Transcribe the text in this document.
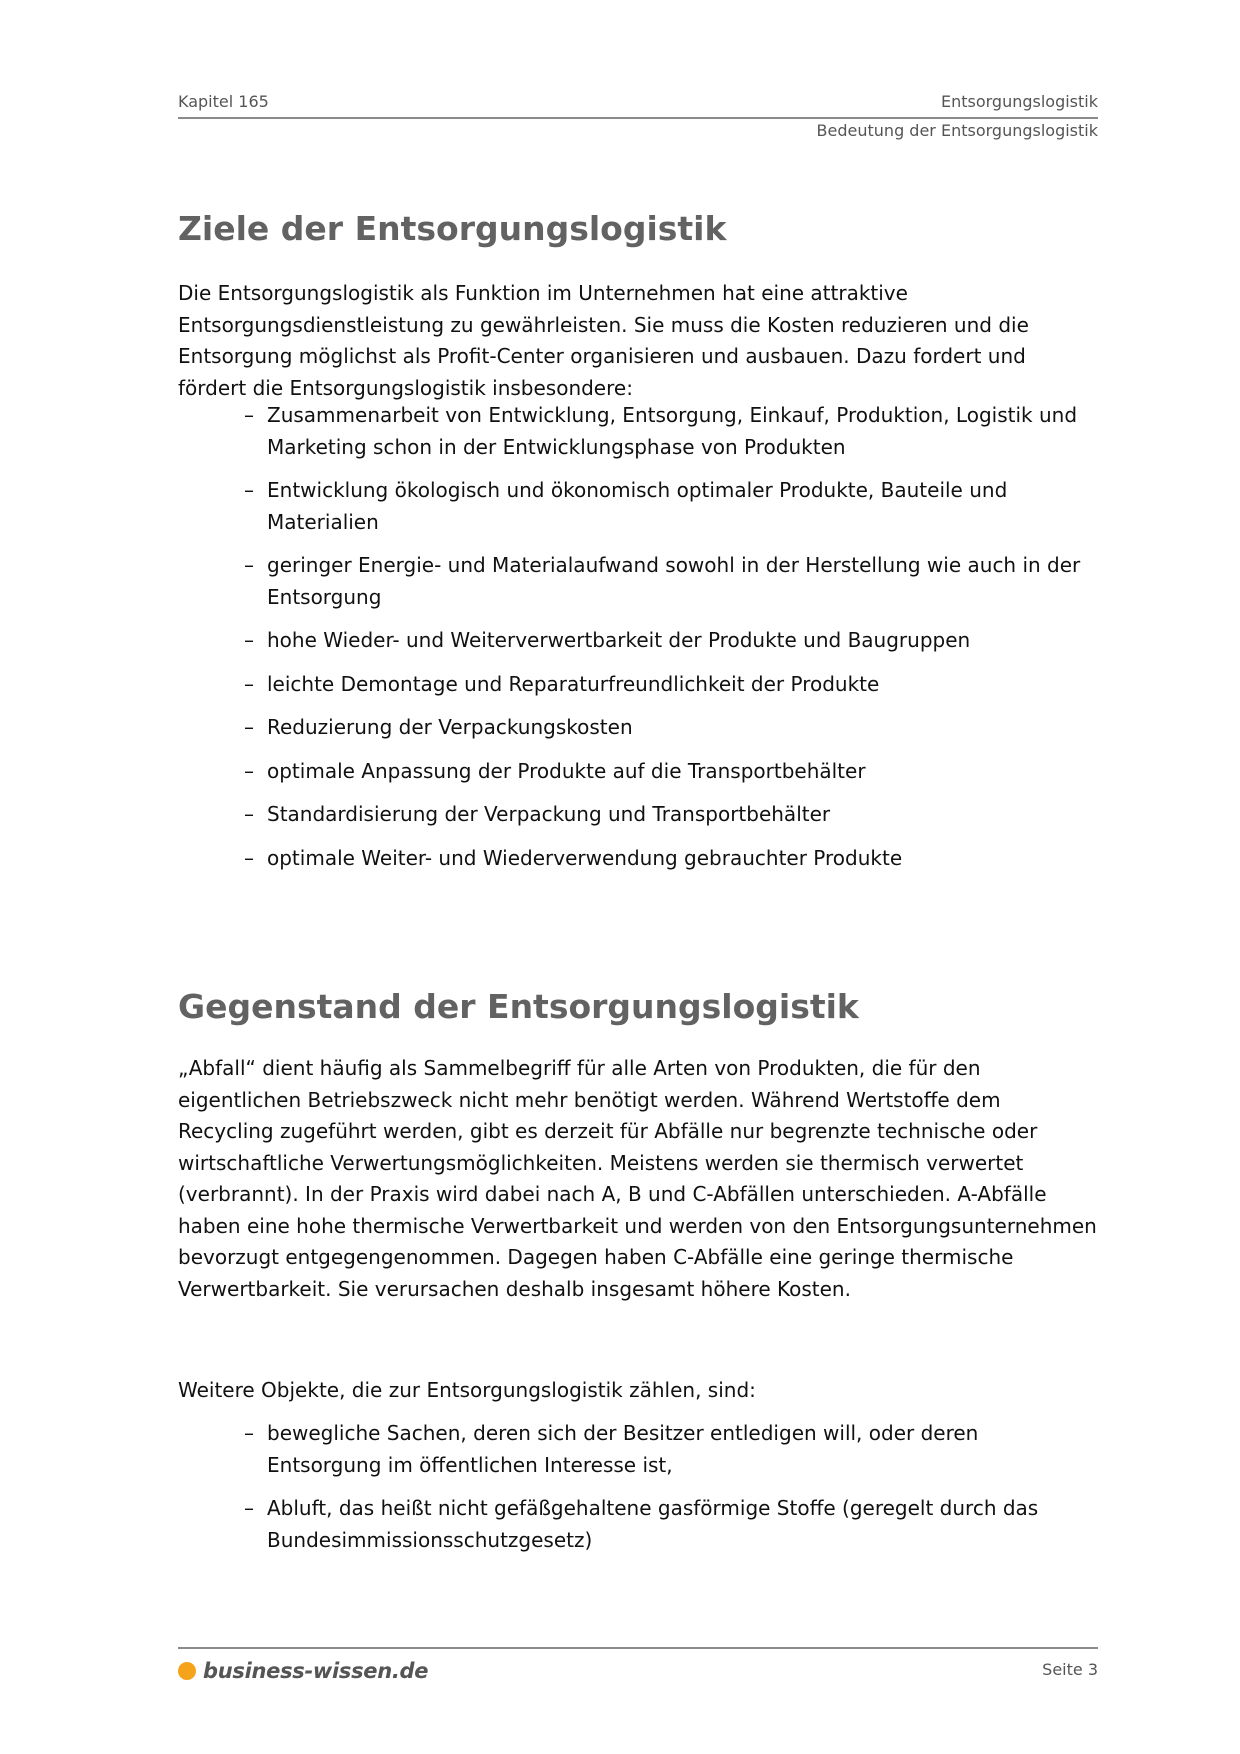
Kapitel 165	Entsorgungslogistik
Bedeutung der Entsorgungslogistik
Ziele der Entsorgungslogistik

Die Entsorgungslogistik als Funktion im Unternehmen hat eine attraktive Entsorgungsdienstleistung zu gewährleisten. Sie muss die Kosten reduzieren und die Entsorgung möglichst als Profit-Center organisieren und ausbauen. Dazu fordert und fördert die Entsorgungslogistik insbesondere:

– Zusammenarbeit von Entwicklung, Entsorgung, Einkauf, Produktion, Logistik und Marketing schon in der Entwicklungsphase von Produkten
– Entwicklung ökologisch und ökonomisch optimaler Produkte, Bauteile und Materialien
– geringer Energie- und Materialaufwand sowohl in der Herstellung wie auch in der Entsorgung
– hohe Wieder- und Weiterverwertbarkeit der Produkte und Baugruppen
– leichte Demontage und Reparaturfreundlichkeit der Produkte
– Reduzierung der Verpackungskosten
– optimale Anpassung der Produkte auf die Transportbehälter
– Standardisierung der Verpackung und Transportbehälter
– optimale Weiter- und Wiederverwendung gebrauchter Produkte
Gegenstand der Entsorgungslogistik

„Abfall“ dient häufig als Sammelbegriff für alle Arten von Produkten, die für den eigentlichen Betriebszweck nicht mehr benötigt werden. Während Wertstoffe dem Recycling zugeführt werden, gibt es derzeit für Abfälle nur begrenzte technische oder wirtschaftliche Verwertungsmöglichkeiten. Meistens werden sie thermisch verwertet (verbrannt). In der Praxis wird dabei nach A, B und C-Abfällen unterschieden. A-Abfälle haben eine hohe thermische Verwertbarkeit und werden von den Entsorgungsunternehmen bevorzugt entgegengenommen. Dagegen haben C-Abfälle eine geringe thermische Verwertbarkeit. Sie verursachen deshalb insgesamt höhere Kosten.

Weitere Objekte, die zur Entsorgungslogistik zählen, sind:

– bewegliche Sachen, deren sich der Besitzer entledigen will, oder deren Entsorgung im öffentlichen Interesse ist,
– Abluft, das heißt nicht gefäßgehaltene gasförmige Stoffe (geregelt durch das Bundesimmissionsschutzgesetz)
business-wissen.de	Seite 3
